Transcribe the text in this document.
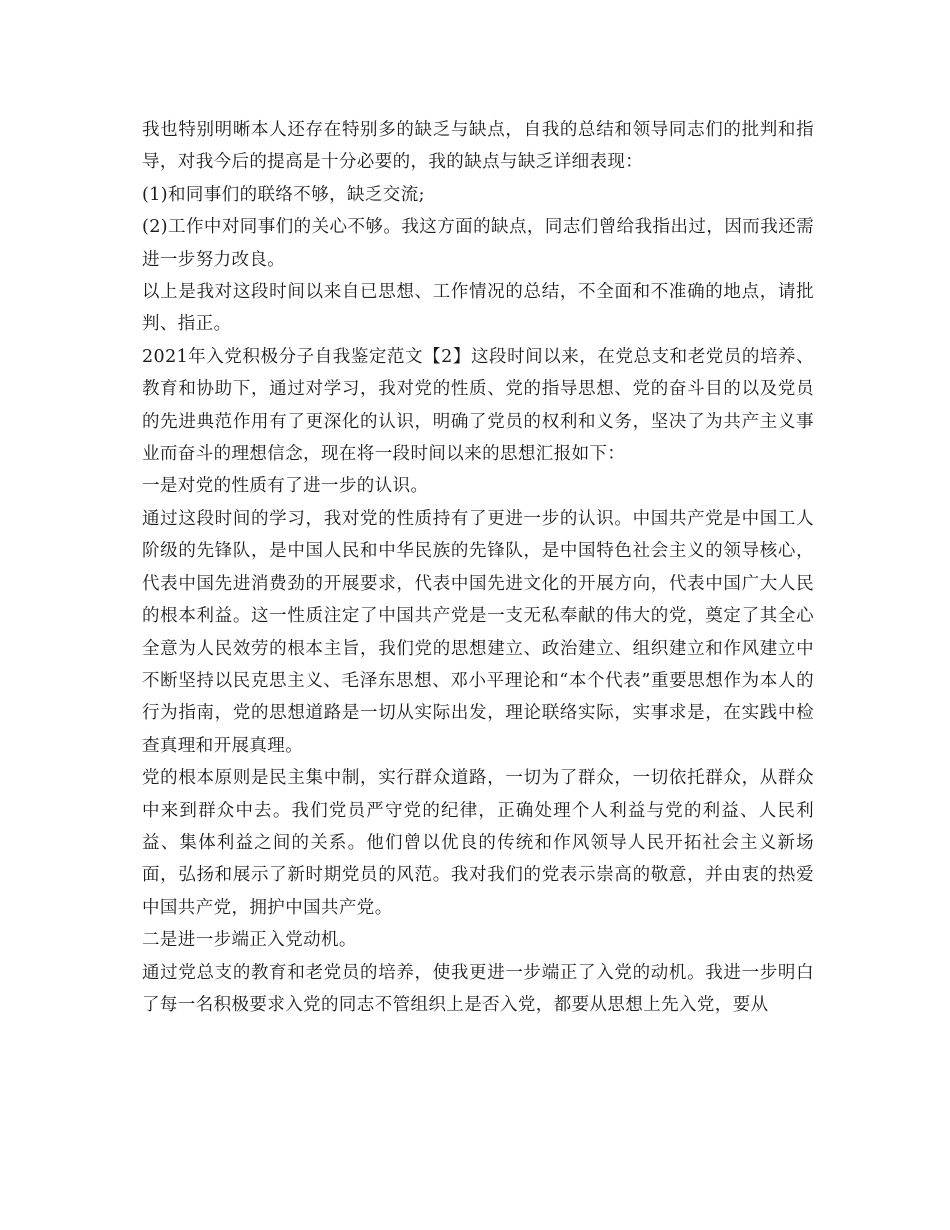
我也特别明晰本人还存在特别多的缺乏与缺点，自我的总结和领导同志们的批判和指导，对我今后的提高是十分必要的，我的缺点与缺乏详细表现：

(1)和同事们的联络不够，缺乏交流;

(2)工作中对同事们的关心不够。我这方面的缺点，同志们曾给我指出过，因而我还需进一步努力改良。

以上是我对这段时间以来自已思想、工作情况的总结，不全面和不准确的地点，请批判、指正。

2021年入党积极分子自我鉴定范文【2】这段时间以来，在党总支和老党员的培养、教育和协助下，通过对学习，我对党的性质、党的指导思想、党的奋斗目的以及党员的先进典范作用有了更深化的认识，明确了党员的权利和义务，坚决了为共产主义事业而奋斗的理想信念，现在将一段时间以来的思想汇报如下：

一是对党的性质有了进一步的认识。

通过这段时间的学习，我对党的性质持有了更进一步的认识。中国共产党是中国工人阶级的先锋队，是中国人民和中华民族的先锋队，是中国特色社会主义的领导核心，代表中国先进消费劲的开展要求，代表中国先进文化的开展方向，代表中国广大人民的根本利益。这一性质注定了中国共产党是一支无私奉献的伟大的党，奠定了其全心全意为人民效劳的根本主旨，我们党的思想建立、政治建立、组织建立和作风建立中不断坚持以民克思主义、毛泽东思想、邓小平理论和“本个代表”重要思想作为本人的行为指南，党的思想道路是一切从实际出发，理论联络实际，实事求是，在实践中检查真理和开展真理。

党的根本原则是民主集中制，实行群众道路，一切为了群众，一切依托群众，从群众中来到群众中去。我们党员严守党的纪律，正确处理个人利益与党的利益、人民利益、集体利益之间的关系。他们曾以优良的传统和作风领导人民开拓社会主义新场面，弘扬和展示了新时期党员的风范。我对我们的党表示崇高的敬意，并由衷的热爱中国共产党，拥护中国共产党。

二是进一步端正入党动机。

通过党总支的教育和老党员的培养，使我更进一步端正了入党的动机。我进一步明白了每一名积极要求入党的同志不管组织上是否入党，都要从思想上先入党，要从
